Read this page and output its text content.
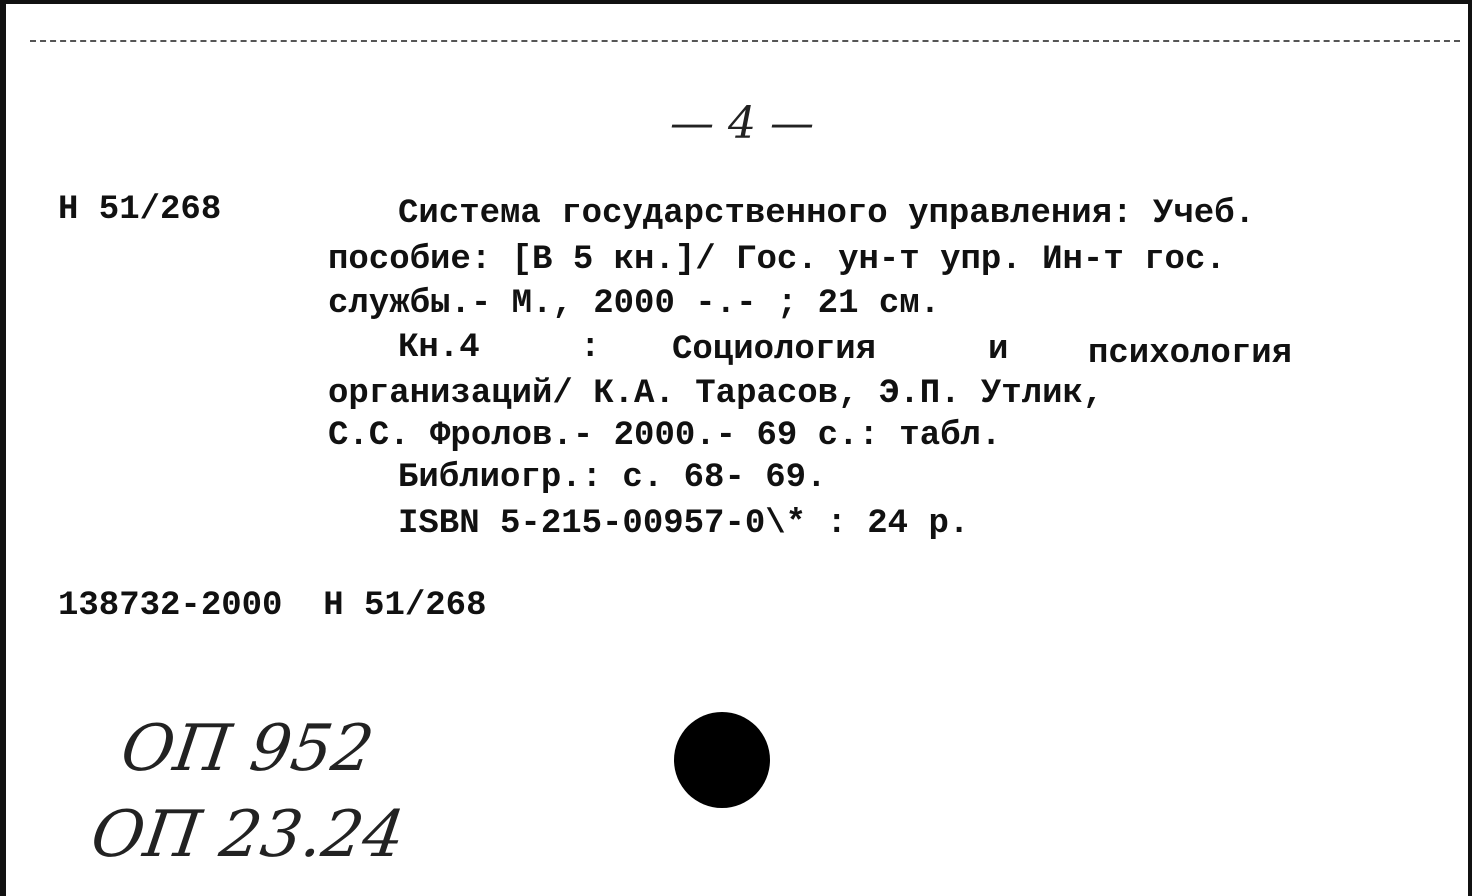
— 4 —
Н 51/268	Система государственного управления: Учеб.
пособие: [В 5 кн.]/ Гос. ун-т упр. Ин-т гос.
службы.- М., 2000 -.- ; 21 см.
Кн.4	: Социология	и психология
организаций/ К.А. Тарасов, Э.П. Утлик,
С.С. Фролов.- 2000.- 69 с.: табл.
Библиогр.: с. 68- 69.
ISBN 5-215-00957-0\* : 24 р.
138732-2000  Н 51/268
ОП 952
ОП 23.24
